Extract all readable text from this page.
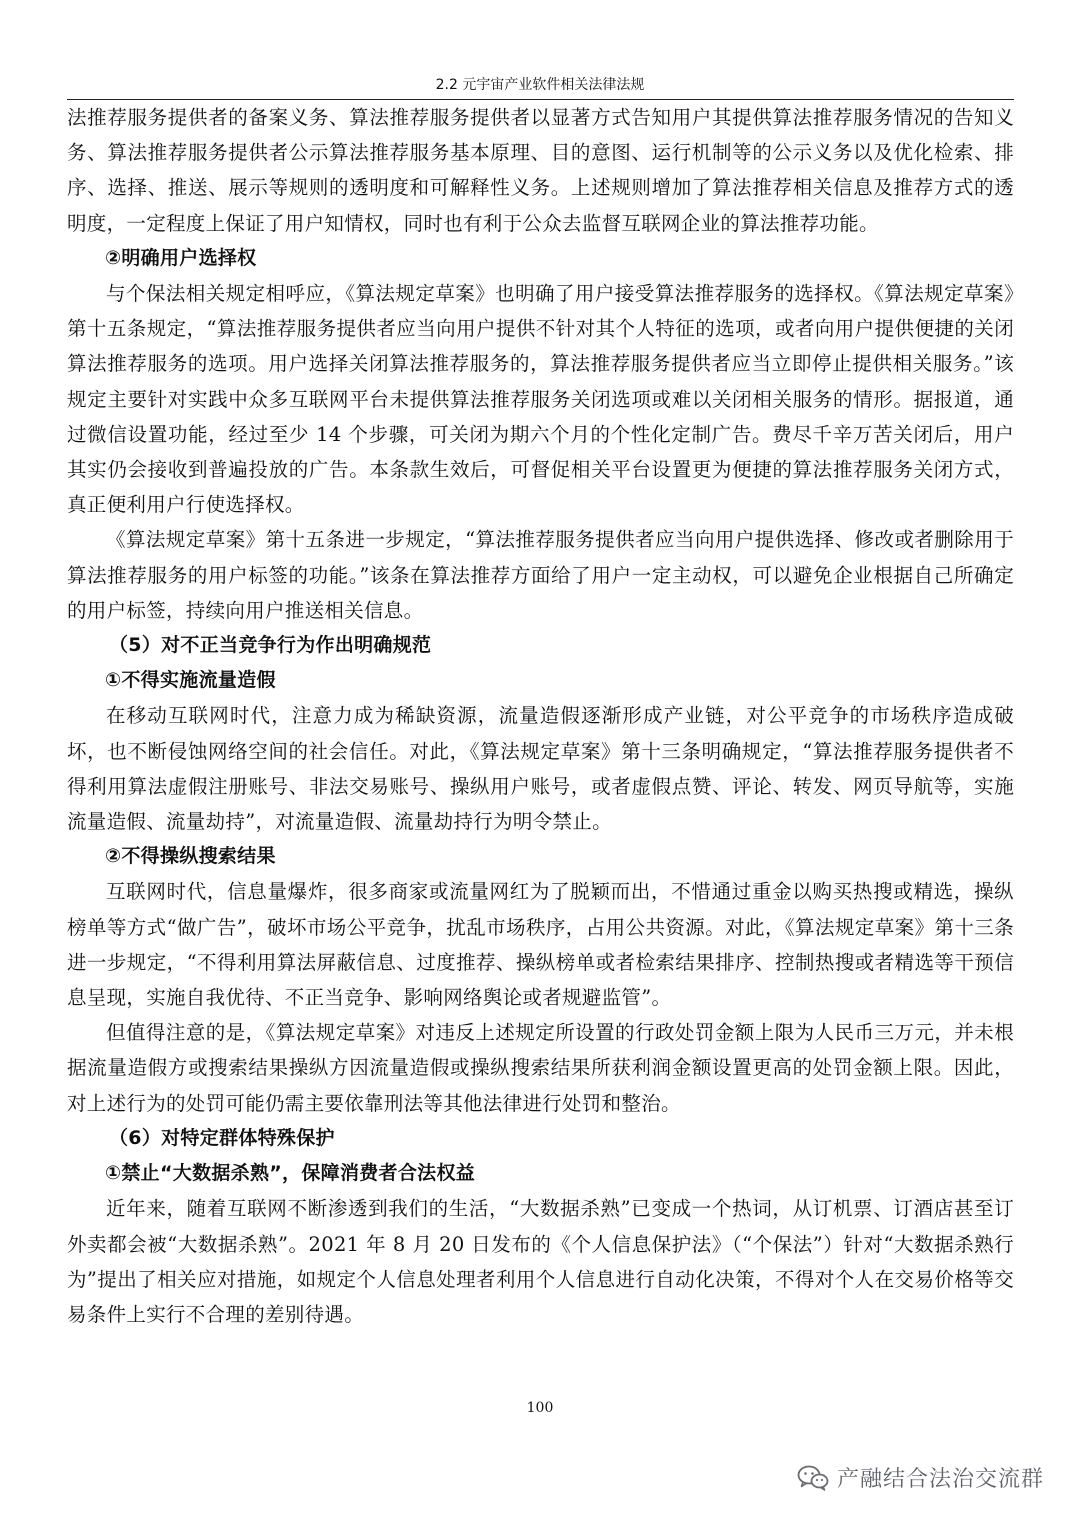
2.2 元宇宙产业软件相关法律法规

法推荐服务提供者的备案义务、算法推荐服务提供者以显著方式告知用户其提供算法推荐服务情况的告知义务、算法推荐服务提供者公示算法推荐服务基本原理、目的意图、运行机制等的公示义务以及优化检索、排序、选择、推送、展示等规则的透明度和可解释性义务。上述规则增加了算法推荐相关信息及推荐方式的透明度，一定程度上保证了用户知情权，同时也有利于公众去监督互联网企业的算法推荐功能。

②明确用户选择权

与个保法相关规定相呼应，《算法规定草案》也明确了用户接受算法推荐服务的选择权。《算法规定草案》第十五条规定，“算法推荐服务提供者应当向用户提供不针对其个人特征的选项，或者向用户提供便捷的关闭算法推荐服务的选项。用户选择关闭算法推荐服务的，算法推荐服务提供者应当立即停止提供相关服务。”该规定主要针对实践中众多互联网平台未提供算法推荐服务关闭选项或难以关闭相关服务的情形。据报道，通过微信设置功能，经过至少 14 个步骤，可关闭为期六个月的个性化定制广告。费尽千辛万苦关闭后，用户其实仍会接收到普遍投放的广告。本条款生效后，可督促相关平台设置更为便捷的算法推荐服务关闭方式，真正便利用户行使选择权。

《算法规定草案》第十五条进一步规定，“算法推荐服务提供者应当向用户提供选择、修改或者删除用于算法推荐服务的用户标签的功能。”该条在算法推荐方面给了用户一定主动权，可以避免企业根据自己所确定的用户标签，持续向用户推送相关信息。

（5）对不正当竞争行为作出明确规范

①不得实施流量造假

在移动互联网时代，注意力成为稀缺资源，流量造假逐渐形成产业链，对公平竞争的市场秩序造成破坏，也不断侵蚀网络空间的社会信任。对此，《算法规定草案》第十三条明确规定，“算法推荐服务提供者不得利用算法虚假注册账号、非法交易账号、操纵用户账号，或者虚假点赞、评论、转发、网页导航等，实施流量造假、流量劫持”，对流量造假、流量劫持行为明令禁止。

②不得操纵搜索结果

互联网时代，信息量爆炸，很多商家或流量网红为了脱颖而出，不惜通过重金以购买热搜或精选，操纵榜单等方式“做广告”，破坏市场公平竞争，扰乱市场秩序，占用公共资源。对此，《算法规定草案》第十三条进一步规定，“不得利用算法屏蔽信息、过度推荐、操纵榜单或者检索结果排序、控制热搜或者精选等干预信息呈现，实施自我优待、不正当竞争、影响网络舆论或者规避监管”。

但值得注意的是，《算法规定草案》对违反上述规定所设置的行政处罚金额上限为人民币三万元，并未根据流量造假方或搜索结果操纵方因流量造假或操纵搜索结果所获利润金额设置更高的处罚金额上限。因此，对上述行为的处罚可能仍需主要依靠刑法等其他法律进行处罚和整治。

（6）对特定群体特殊保护

①禁止“大数据杀熟”，保障消费者合法权益

近年来，随着互联网不断渗透到我们的生活，“大数据杀熟”已变成一个热词，从订机票、订酒店甚至订外卖都会被“大数据杀熟”。2021 年 8 月 20 日发布的《个人信息保护法》（“个保法”）针对“大数据杀熟行为”提出了相关应对措施，如规定个人信息处理者利用个人信息进行自动化决策，不得对个人在交易价格等交易条件上实行不合理的差别待遇。

100
产融结合法治交流群
